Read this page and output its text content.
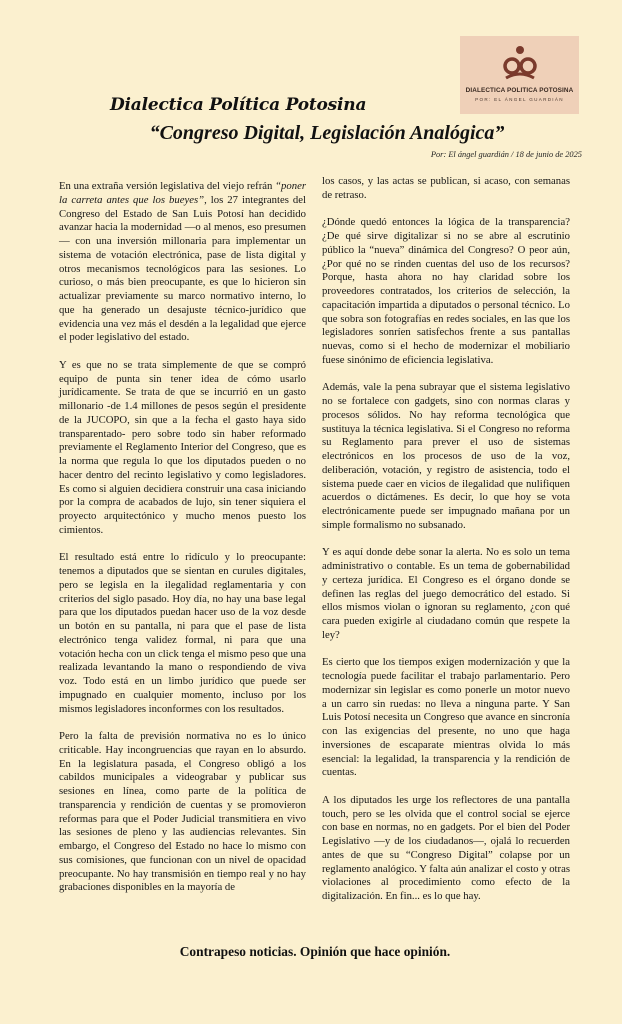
DIALECTICA POLITICA POTOSINA
POR: EL ÁNGEL GUARDIÁN
Dialectica Política Potosina
“Congreso Digital, Legislación Analógica”
Por: El ángel guardián / 18 de junio de 2025

En una extraña versión legislativa del viejo refrán “poner la carreta antes que los bueyes”, los 27 integrantes del Congreso del Estado de San Luis Potosí han decidido avanzar hacia la modernidad —o al menos, eso presumen— con una inversión millonaria para implementar un sistema de votación electrónica, pase de lista digital y otros mecanismos tecnológicos para las sesiones. Lo curioso, o más bien preocupante, es que lo hicieron sin actualizar previamente su marco normativo interno, lo que ha generado un desajuste técnico-jurídico que evidencia una vez más el desdén a la legalidad que ejerce el poder legislativo del estado.

Y es que no se trata simplemente de que se compró equipo de punta sin tener idea de cómo usarlo jurídicamente. Se trata de que se incurrió en un gasto millonario -de 1.4 millones de pesos según el presidente de la JUCOPO, sin que a la fecha el gasto haya sido transparentado- pero sobre todo sin haber reformado previamente el Reglamento Interior del Congreso, que es la norma que regula lo que los diputados pueden o no hacer dentro del recinto legislativo y como legisladores. Es como si alguien decidiera construir una casa iniciando por la compra de acabados de lujo, sin tener siquiera el proyecto arquitectónico y mucho menos puesto los cimientos.

El resultado está entre lo ridículo y lo preocupante: tenemos a diputados que se sientan en curules digitales, pero se legisla en la ilegalidad reglamentaria y con criterios del siglo pasado. Hoy día, no hay una base legal para que los diputados puedan hacer uso de la voz desde un botón en su pantalla, ni para que el pase de lista electrónico tenga validez formal, ni para que una votación hecha con un click tenga el mismo peso que una realizada levantando la mano o respondiendo de viva voz. Todo está en un limbo jurídico que puede ser impugnado en cualquier momento, incluso por los mismos legisladores inconformes con los resultados.

Pero la falta de previsión normativa no es lo único criticable. Hay incongruencias que rayan en lo absurdo. En la legislatura pasada, el Congreso obligó a los cabildos municipales a videograbar y publicar sus sesiones en línea, como parte de la política de transparencia y rendición de cuentas y se promovieron reformas para que el Poder Judicial transmitiera en vivo las sesiones de pleno y las audiencias relevantes. Sin embargo, el Congreso del Estado no hace lo mismo con sus comisiones, que funcionan con un nivel de opacidad preocupante. No hay transmisión en tiempo real y no hay grabaciones disponibles en la mayoría de

los casos, y las actas se publican, si acaso, con semanas de retraso.

¿Dónde quedó entonces la lógica de la transparencia? ¿De qué sirve digitalizar si no se abre al escrutinio público la “nueva” dinámica del Congreso? O peor aún, ¿Por qué no se rinden cuentas del uso de los recursos? Porque, hasta ahora no hay claridad sobre los proveedores contratados, los criterios de selección, la capacitación impartida a diputados o personal técnico. Lo que sobra son fotografías en redes sociales, en las que los legisladores sonríen satisfechos frente a sus pantallas nuevas, como si el hecho de modernizar el mobiliario fuese sinónimo de eficiencia legislativa.

Además, vale la pena subrayar que el sistema legislativo no se fortalece con gadgets, sino con normas claras y procesos sólidos. No hay reforma tecnológica que sustituya la técnica legislativa. Si el Congreso no reforma su Reglamento para prever el uso de sistemas electrónicos en los procesos de uso de la voz, deliberación, votación, y registro de asistencia, todo el sistema puede caer en vicios de ilegalidad que nulifiquen acuerdos o dictámenes. Es decir, lo que hoy se vota electrónicamente puede ser impugnado mañana por un simple formalismo no subsanado.

Y es aquí donde debe sonar la alerta. No es solo un tema administrativo o contable. Es un tema de gobernabilidad y certeza jurídica. El Congreso es el órgano donde se definen las reglas del juego democrático del estado. Si ellos mismos violan o ignoran su reglamento, ¿con qué cara pueden exigirle al ciudadano común que respete la ley?

Es cierto que los tiempos exigen modernización y que la tecnología puede facilitar el trabajo parlamentario. Pero modernizar sin legislar es como ponerle un motor nuevo a un carro sin ruedas: no lleva a ninguna parte. Y San Luis Potosí necesita un Congreso que avance en sincronía con las exigencias del presente, no uno que haga inversiones de escaparate mientras olvida lo más esencial: la legalidad, la transparencia y la rendición de cuentas.

A los diputados les urge los reflectores de una pantalla touch, pero se les olvida que el control social se ejerce con base en normas, no en gadgets. Por el bien del Poder Legislativo —y de los ciudadanos—, ojalá lo recuerden antes de que su “Congreso Digital” colapse por un reglamento analógico. Y falta aún analizar el costo y otras violaciones al procedimiento como efecto de la digitalización. En fin... es lo que hay.

Contrapeso noticias. Opinión que hace opinión.
